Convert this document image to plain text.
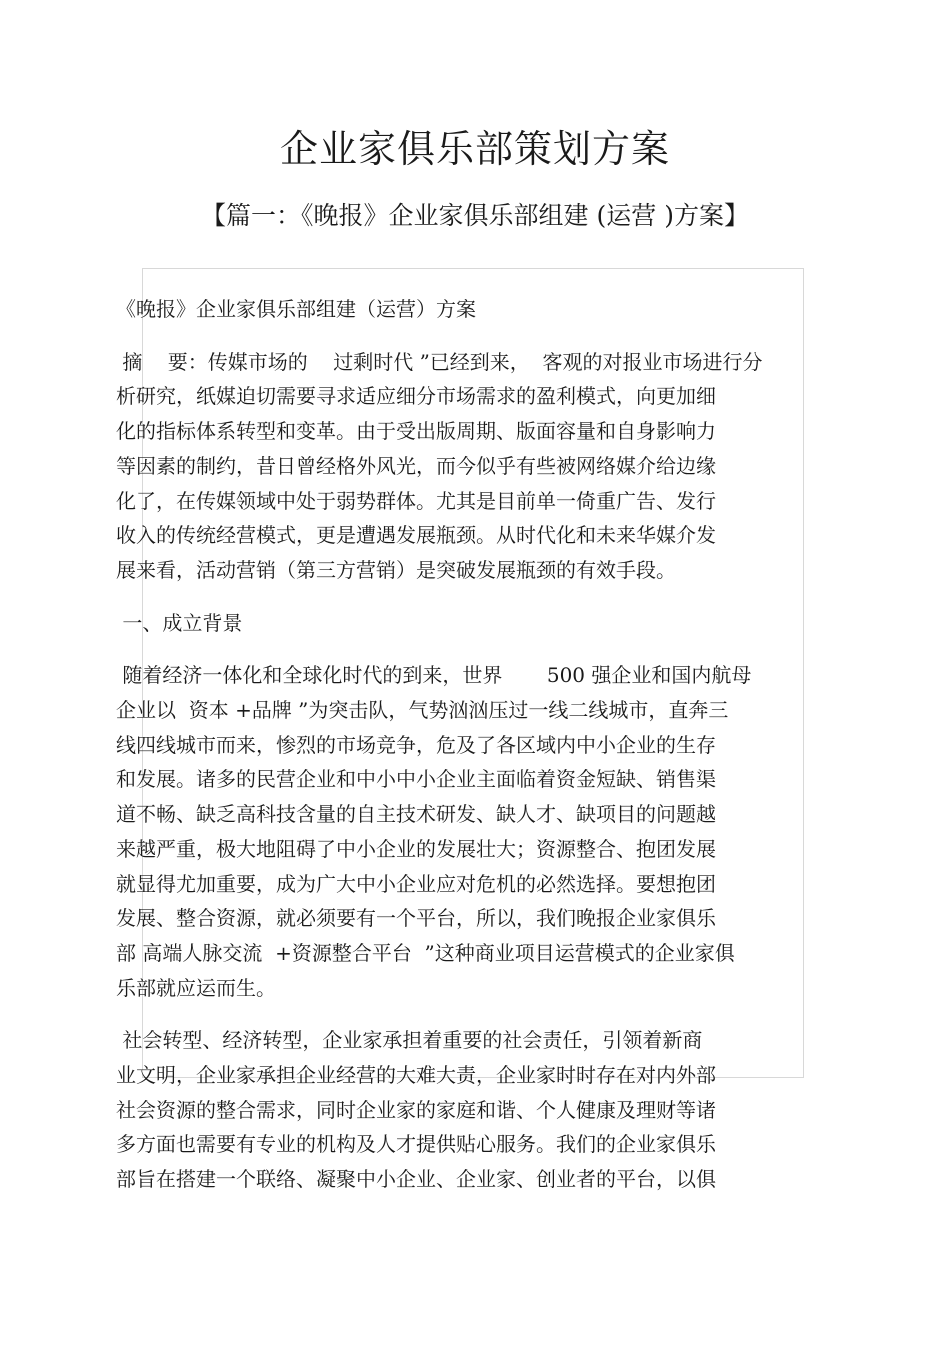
企业家俱乐部策划方案
【篇一：《晚报》企业家俱乐部组建 (运营 )方案】

《晚报》企业家俱乐部组建（运营）方案

摘    要：传媒市场的    过剩时代 ”已经到来，  客观的对报业市场进行分
析研究，纸媒迫切需要寻求适应细分市场需求的盈利模式，向更加细
化的指标体系转型和变革。由于受出版周期、版面容量和自身影响力
等因素的制约，昔日曾经格外风光，而今似乎有些被网络媒介给边缘
化了，在传媒领域中处于弱势群体。尤其是目前单一倚重广告、发行
收入的传统经营模式，更是遭遇发展瓶颈。从时代化和未来华媒介发
展来看，活动营销（第三方营销）是突破发展瓶颈的有效手段。

一、成立背景

随着经济一体化和全球化时代的到来，世界       500 强企业和国内航母
企业以  资本 +品牌 ”为突击队，气势汹汹压过一线二线城市，直奔三
线四线城市而来，惨烈的市场竞争，危及了各区域内中小企业的生存
和发展。诸多的民营企业和中小中小企业主面临着资金短缺、销售渠
道不畅、缺乏高科技含量的自主技术研发、缺人才、缺项目的问题越
来越严重，极大地阻碍了中小企业的发展壮大；资源整合、抱团发展
就显得尤加重要，成为广大中小企业应对危机的必然选择。要想抱团
发展、整合资源，就必须要有一个平台，所以，我们晚报企业家俱乐
部 高端人脉交流  +资源整合平台  ”这种商业项目运营模式的企业家俱
乐部就应运而生。

社会转型、经济转型，企业家承担着重要的社会责任，引领着新商
业文明，企业家承担企业经营的大难大责，企业家时时存在对内外部
社会资源的整合需求，同时企业家的家庭和谐、个人健康及理财等诸
多方面也需要有专业的机构及人才提供贴心服务。我们的企业家俱乐
部旨在搭建一个联络、凝聚中小企业、企业家、创业者的平台，以俱
